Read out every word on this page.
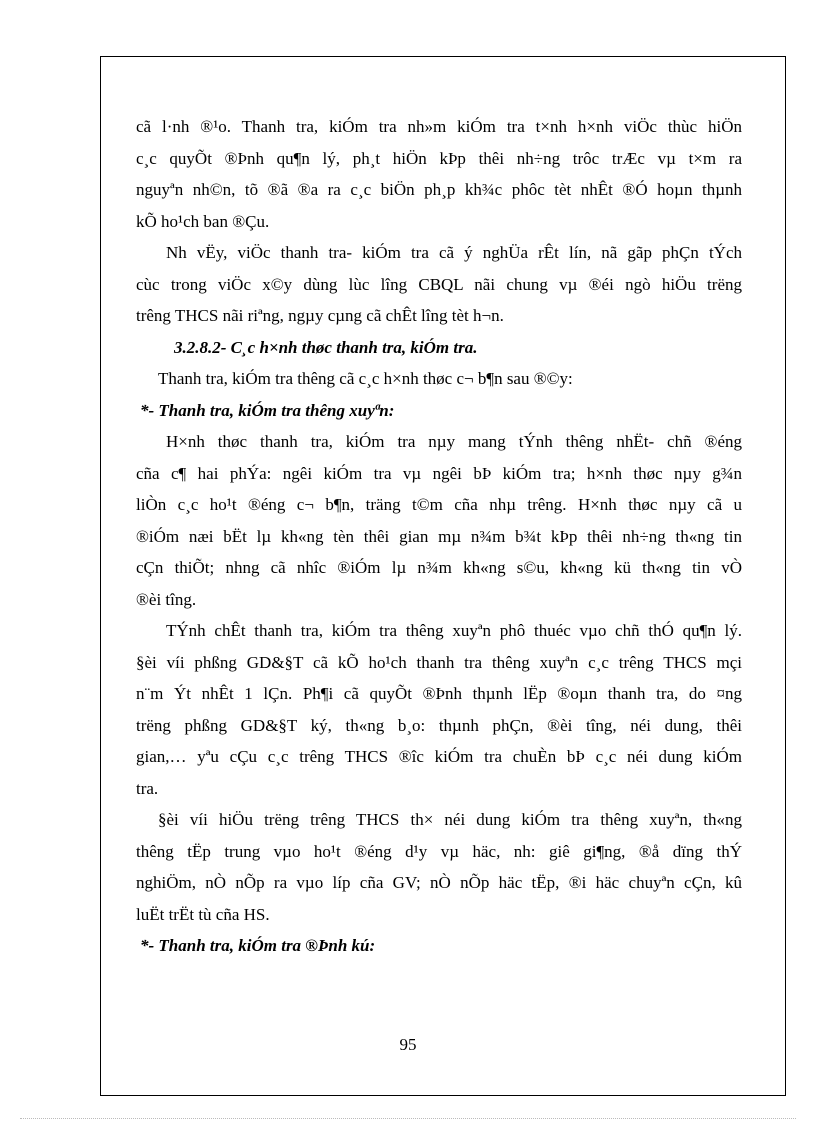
cã l·nh ®¹o. Thanh tra, kiÓm tra nh»m kiÓm tra t×nh h×nh viÖc thùc hiÖn
c¸c quyÕt ®Þnh qu¶n lý, ph¸t hiÖn kÞp thêi nh÷ng trôc trÆc vµ t×m ra
nguyªn nh©n, tõ ®ã ®a ra c¸c biÖn ph¸p kh¾c phôc tèt nhÊt ®Ó hoµn thµnh
kÕ ho¹ch ban ®Çu.
Nh vËy, viÖc thanh tra- kiÓm tra cã ý nghÜa rÊt lín, nã gãp phÇn tÝch
cùc trong viÖc x©y dùng lùc lîng CBQL nãi chung vµ ®éi ngò hiÖu trëng
trêng THCS nãi riªng, ngµy cµng cã chÊt lîng tèt h¬n.
3.2.8.2- C¸c h×nh thøc thanh tra, kiÓm tra.
Thanh tra, kiÓm tra thêng cã c¸c h×nh thøc c¬ b¶n sau ®©y:
*- Thanh tra, kiÓm tra thêng xuyªn:
H×nh thøc thanh tra, kiÓm tra nµy mang tÝnh thêng nhËt- chñ ®éng
cña c¶ hai phÝa: ngêi kiÓm tra vµ ngêi bÞ kiÓm tra; h×nh thøc nµy g¾n
liÒn c¸c ho¹t ®éng c¬ b¶n, träng t©m cña nhµ trêng. H×nh thøc nµy cã u
®iÓm næi bËt lµ kh«ng tèn thêi gian mµ n¾m b¾t kÞp thêi nh÷ng th«ng tin
cÇn thiÕt; nhng cã nhîc ®iÓm lµ n¾m kh«ng s©u, kh«ng kü th«ng tin vÒ
®èi tîng.
TÝnh chÊt thanh tra, kiÓm tra thêng xuyªn phô thuéc vµo chñ thÓ qu¶n lý.
§èi víi phßng GD&§T cã kÕ ho¹ch thanh tra thêng xuyªn c¸c trêng THCS mçi
n¨m Ýt nhÊt 1 lÇn. Ph¶i cã quyÕt ®Þnh thµnh lËp ®oµn thanh tra, do ¤ng
trëng phßng GD&§T ký, th«ng b¸o: thµnh phÇn, ®èi tîng, néi dung, thêi
gian,… yªu cÇu c¸c trêng THCS ®îc kiÓm tra chuÈn bÞ c¸c néi dung kiÓm
tra.
§èi víi hiÖu trëng trêng THCS th× néi dung kiÓm tra thêng xuyªn, th«ng
thêng tËp trung vµo ho¹t ®éng d¹y vµ häc, nh: giê gi¶ng, ®å dïng thÝ
nghiÖm, nÒ nÕp ra vµo líp cña GV; nÒ nÕp häc tËp, ®i häc chuyªn cÇn, kû
luËt trËt tù cña HS.
*- Thanh tra, kiÓm tra ®Þnh kú:
95
